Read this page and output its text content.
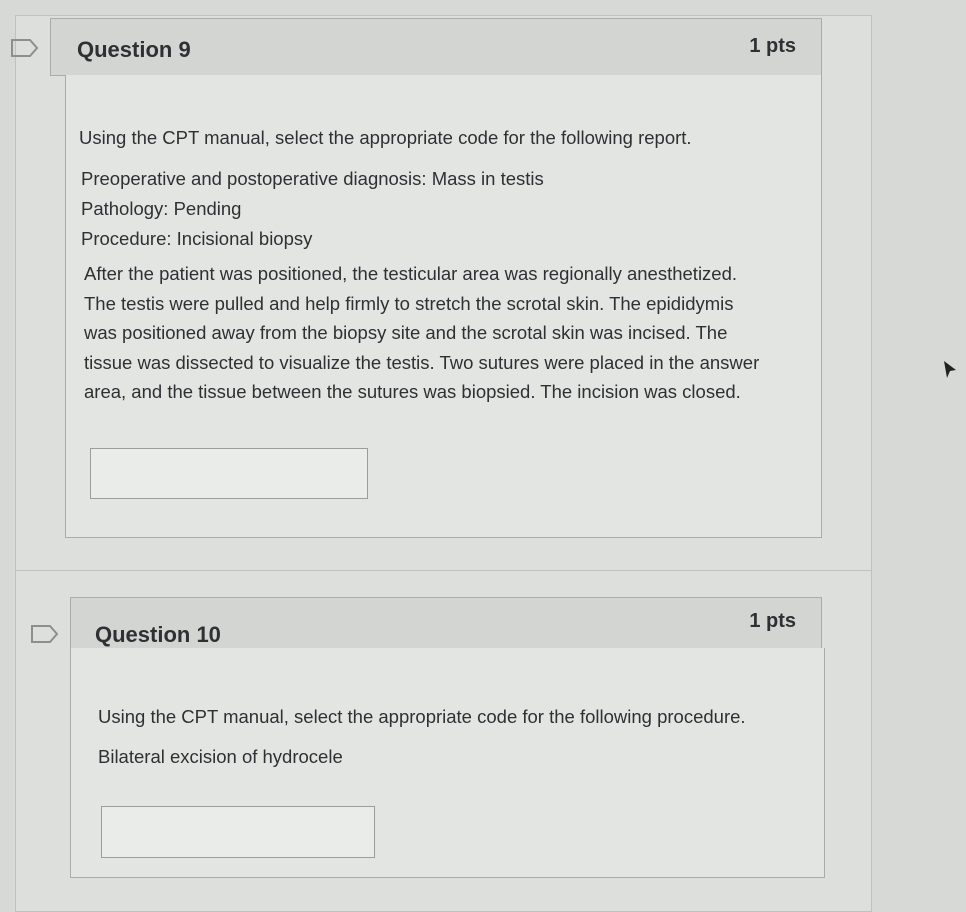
Question 9	1 pts

Using the CPT manual, select the appropriate code for the following report.

Preoperative and postoperative diagnosis: Mass in testis

Pathology: Pending

Procedure: Incisional biopsy

After the patient was positioned, the testicular area was regionally anesthetized.
The testis were pulled and help firmly to stretch the scrotal skin. The epididymis
was positioned away from the biopsy site and the scrotal skin was incised. The
tissue was dissected to visualize the testis. Two sutures were placed in the answer
area, and the tissue between the sutures was biopsied. The incision was closed.
Question 10
1 pts

Using the CPT manual, select the appropriate code for the following procedure.

Bilateral excision of hydrocele
